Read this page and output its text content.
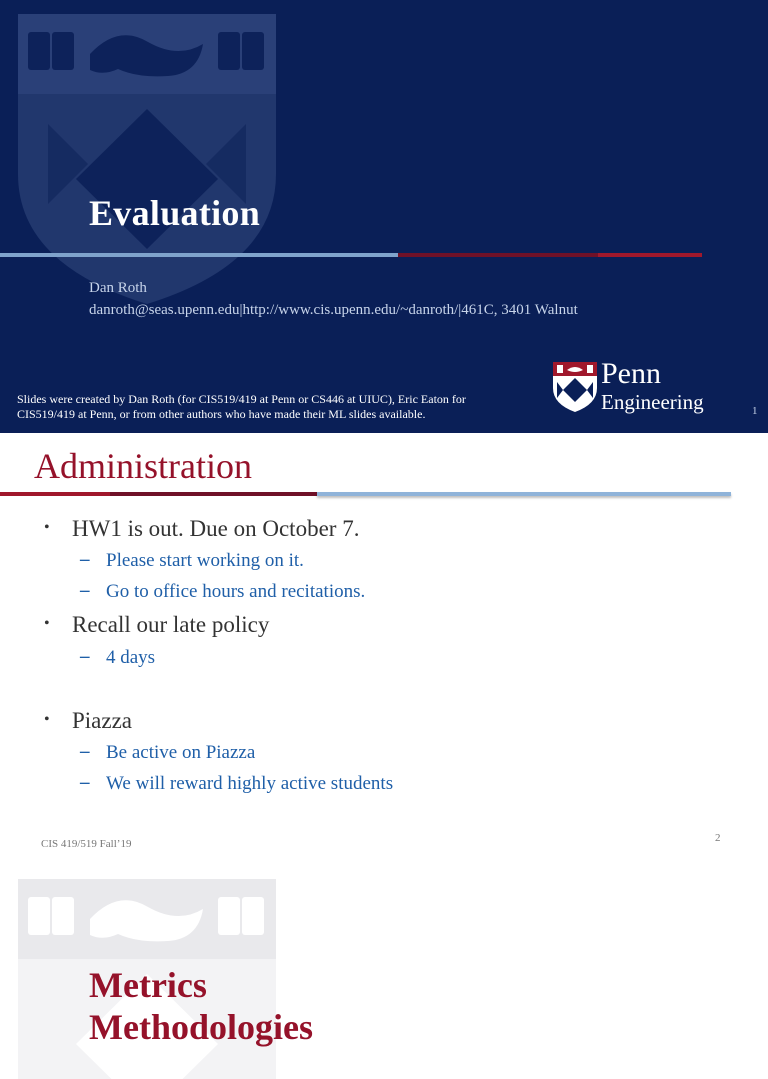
Evaluation
Dan Roth
danroth@seas.upenn.edu|http://www.cis.upenn.edu/~danroth/|461C, 3401 Walnut
Slides were created by Dan Roth (for CIS519/419 at Penn or CS446 at UIUC), Eric Eaton for CIS519/419 at Penn, or from other authors who have made their ML slides available.
Penn
Engineering	1
Administration
• HW1 is out. Due on October 7.
– Please start working on it.
– Go to office hours and recitations.
• Recall our late policy
– 4 days
• Piazza
– Be active on Piazza
– We will reward highly active students
CIS 419/519 Fall’19	2
Metrics
Methodologies
